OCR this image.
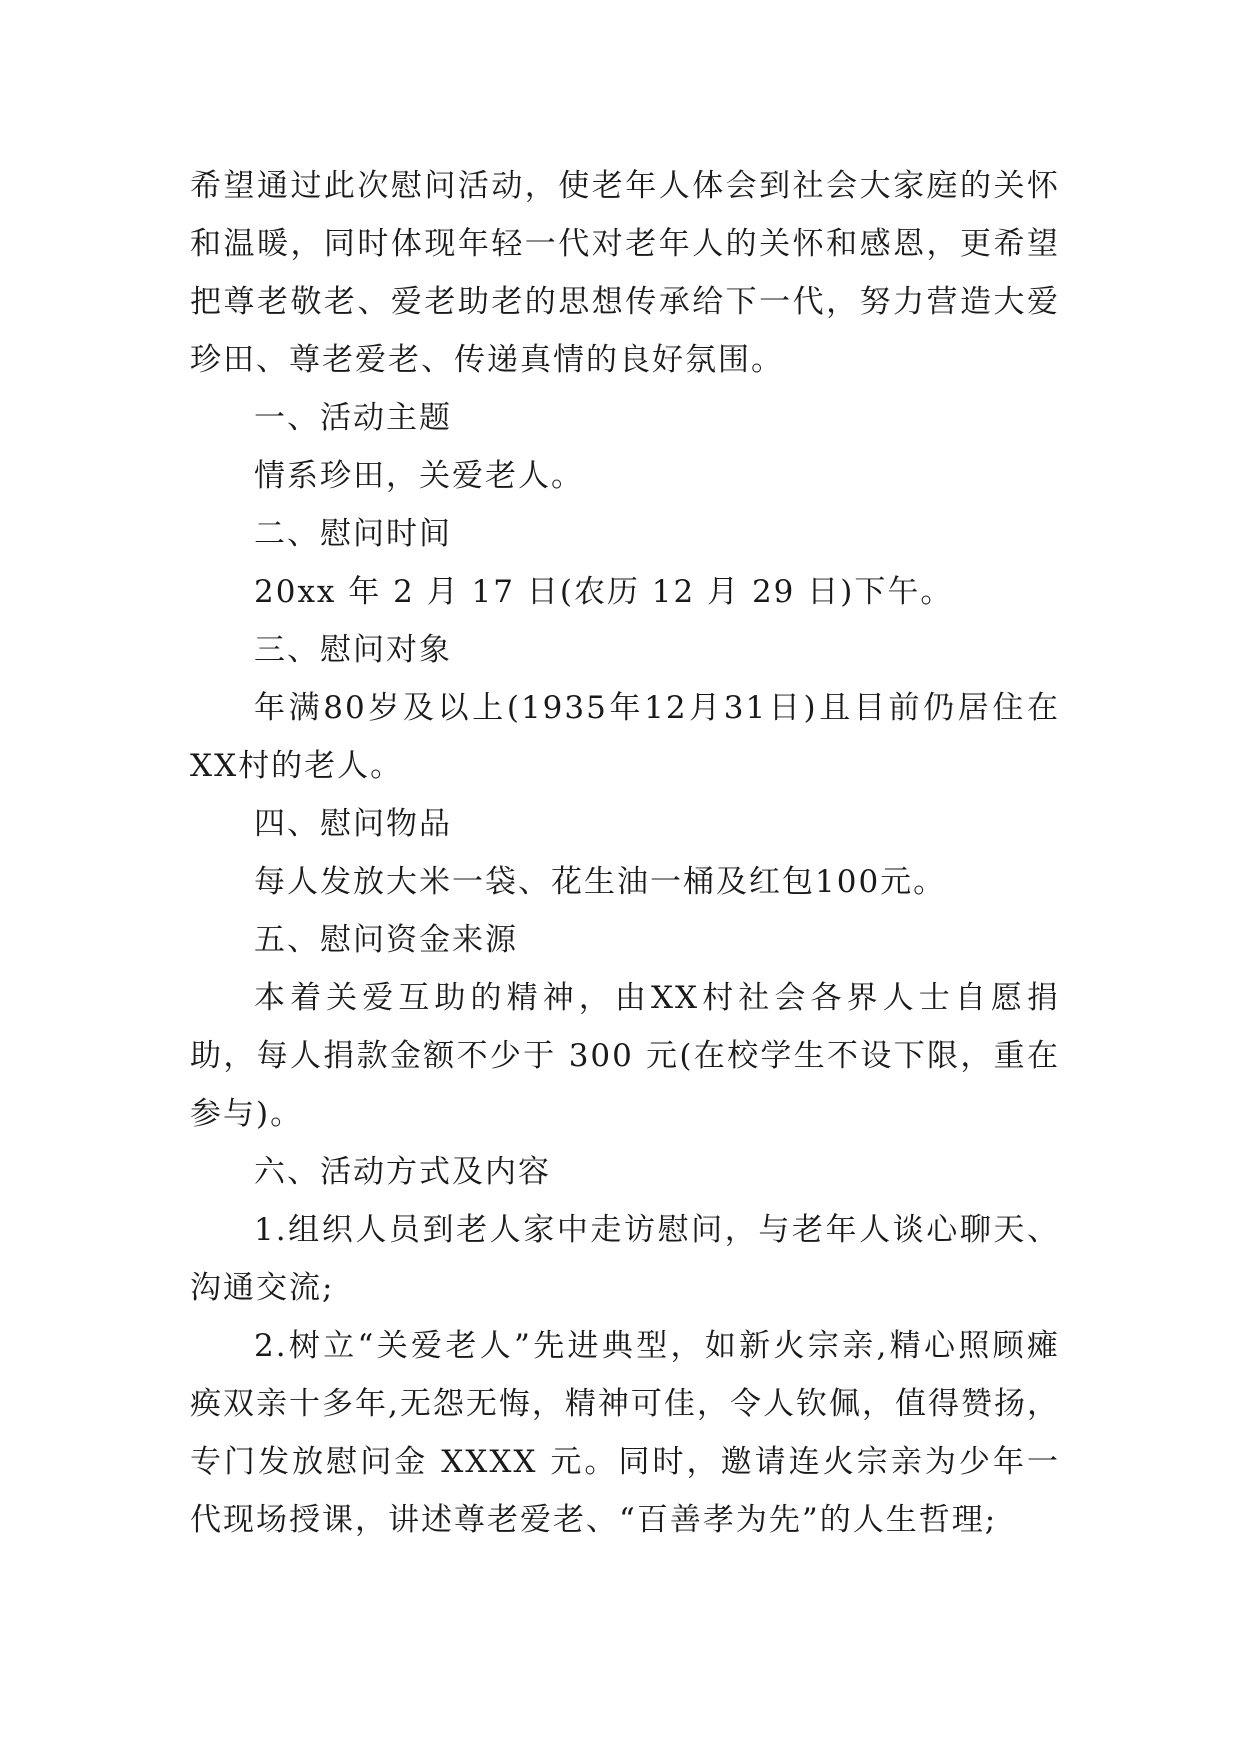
希望通过此次慰问活动，使老年人体会到社会大家庭的关怀和温暖，同时体现年轻一代对老年人的关怀和感恩，更希望把尊老敬老、爱老助老的思想传承给下一代，努力营造大爱珍田、尊老爱老、传递真情的良好氛围。

一、活动主题

情系珍田，关爱老人。

二、慰问时间

20xx 年 2 月 17 日(农历 12 月 29 日)下午。

三、慰问对象

年满80岁及以上(1935年12月31日)且目前仍居住在XX村的老人。

四、慰问物品

每人发放大米一袋、花生油一桶及红包100元。

五、慰问资金来源

本着关爱互助的精神，由XX村社会各界人士自愿捐助，每人捐款金额不少于 300 元(在校学生不设下限，重在参与)。

六、活动方式及内容

1.组织人员到老人家中走访慰问，与老年人谈心聊天、沟通交流;

2.树立“关爱老人”先进典型，如新火宗亲,精心照顾瘫痪双亲十多年,无怨无悔，精神可佳，令人钦佩，值得赞扬，专门发放慰问金 XXXX 元。同时，邀请连火宗亲为少年一代现场授课，讲述尊老爱老、“百善孝为先”的人生哲理;
